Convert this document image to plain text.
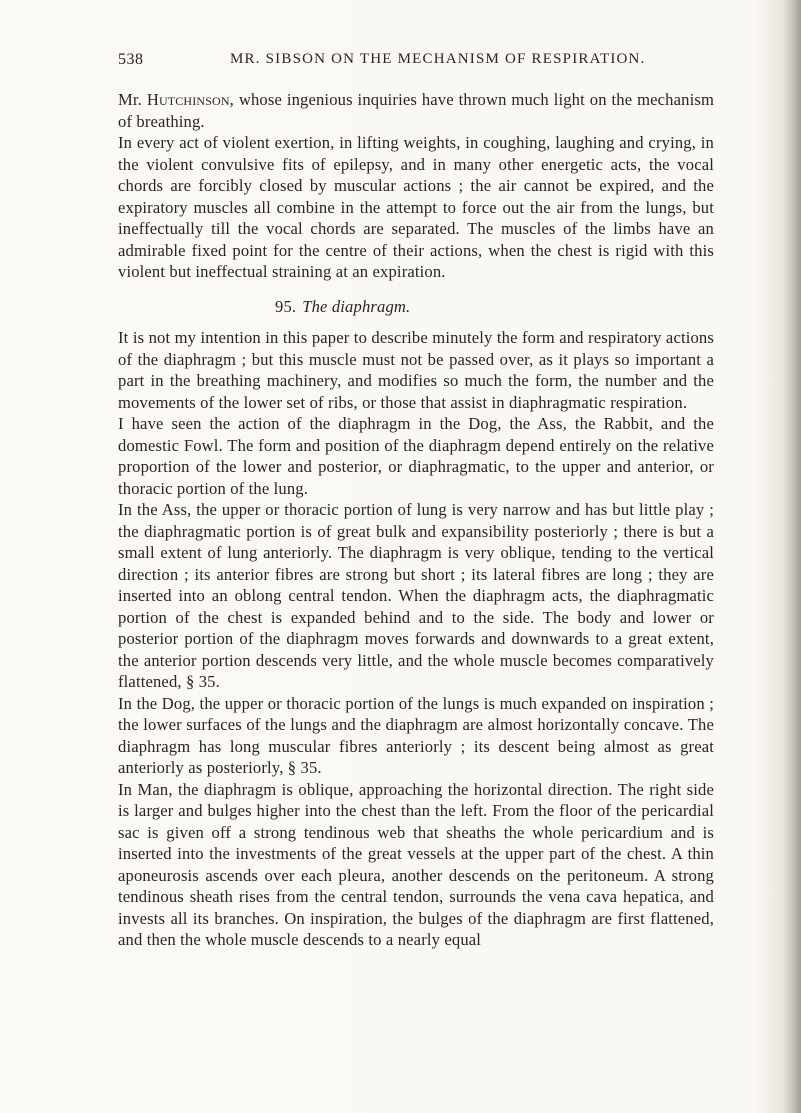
538	MR. SIBSON ON THE MECHANISM OF RESPIRATION.

Mr. Hutchinson, whose ingenious inquiries have thrown much light on the mechanism of breathing.

In every act of violent exertion, in lifting weights, in coughing, laughing and crying, in the violent convulsive fits of epilepsy, and in many other energetic acts, the vocal chords are forcibly closed by muscular actions ; the air cannot be expired, and the expiratory muscles all combine in the attempt to force out the air from the lungs, but ineffectually till the vocal chords are separated. The muscles of the limbs have an admirable fixed point for the centre of their actions, when the chest is rigid with this violent but ineffectual straining at an expiration.

95. The diaphragm.

It is not my intention in this paper to describe minutely the form and respiratory actions of the diaphragm ; but this muscle must not be passed over, as it plays so important a part in the breathing machinery, and modifies so much the form, the number and the movements of the lower set of ribs, or those that assist in diaphragmatic respiration.

I have seen the action of the diaphragm in the Dog, the Ass, the Rabbit, and the domestic Fowl. The form and position of the diaphragm depend entirely on the relative proportion of the lower and posterior, or diaphragmatic, to the upper and anterior, or thoracic portion of the lung.

In the Ass, the upper or thoracic portion of lung is very narrow and has but little play ; the diaphragmatic portion is of great bulk and expansibility posteriorly ; there is but a small extent of lung anteriorly. The diaphragm is very oblique, tending to the vertical direction ; its anterior fibres are strong but short ; its lateral fibres are long ; they are inserted into an oblong central tendon. When the diaphragm acts, the diaphragmatic portion of the chest is expanded behind and to the side. The body and lower or posterior portion of the diaphragm moves forwards and downwards to a great extent, the anterior portion descends very little, and the whole muscle becomes comparatively flattened, § 35.

In the Dog, the upper or thoracic portion of the lungs is much expanded on inspiration ; the lower surfaces of the lungs and the diaphragm are almost horizontally concave. The diaphragm has long muscular fibres anteriorly ; its descent being almost as great anteriorly as posteriorly, § 35.

In Man, the diaphragm is oblique, approaching the horizontal direction. The right side is larger and bulges higher into the chest than the left. From the floor of the pericardial sac is given off a strong tendinous web that sheaths the whole pericardium and is inserted into the investments of the great vessels at the upper part of the chest. A thin aponeurosis ascends over each pleura, another descends on the peritoneum. A strong tendinous sheath rises from the central tendon, surrounds the vena cava hepatica, and invests all its branches. On inspiration, the bulges of the diaphragm are first flattened, and then the whole muscle descends to a nearly equal
